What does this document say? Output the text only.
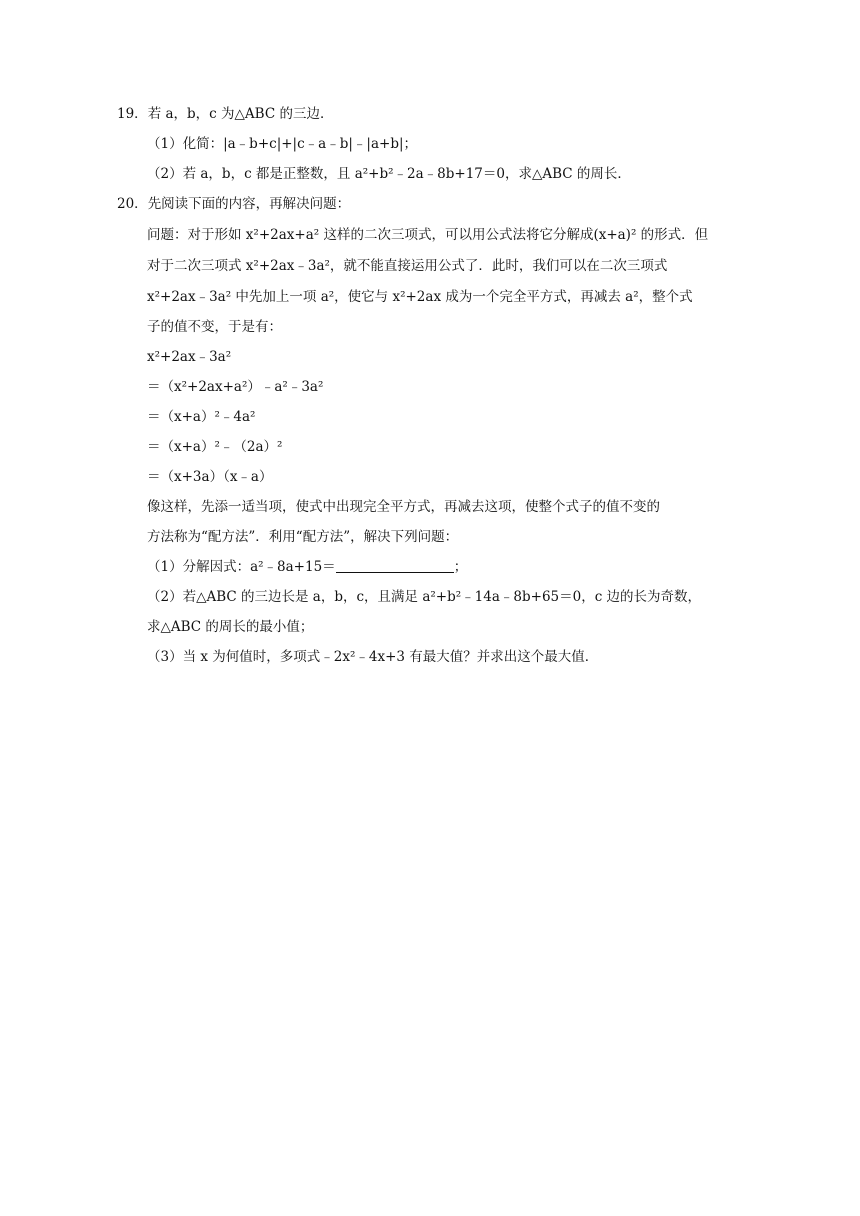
19．若 a，b，c 为△ABC 的三边．
（1）化简：|a﹣b+c|+|c﹣a﹣b|﹣|a+b|；
（2）若 a，b，c 都是正整数，且 a²+b²﹣2a﹣8b+17＝0，求△ABC 的周长．
20．先阅读下面的内容，再解决问题：
问题：对于形如 x²+2ax+a² 这样的二次三项式，可以用公式法将它分解成(x+a)² 的形式．但
对于二次三项式 x²+2ax﹣3a²，就不能直接运用公式了．此时，我们可以在二次三项式
x²+2ax﹣3a² 中先加上一项 a²，使它与 x²+2ax 成为一个完全平方式，再减去 a²，整个式
子的值不变，于是有：
x²+2ax﹣3a²
＝（x²+2ax+a²）﹣a²﹣3a²
＝（x+a）²﹣4a²
＝（x+a）²﹣（2a）²
＝（x+3a）（x﹣a）
像这样，先添一适当项，使式中出现完全平方式，再减去这项，使整个式子的值不变的
方法称为“配方法”．利用“配方法”，解决下列问题：
（1）分解因式：a²﹣8a+15＝	；
（2）若△ABC 的三边长是 a，b，c，且满足 a²+b²﹣14a﹣8b+65＝0，c 边的长为奇数，
求△ABC 的周长的最小值；
（3）当 x 为何值时，多项式﹣2x²﹣4x+3 有最大值？并求出这个最大值．
